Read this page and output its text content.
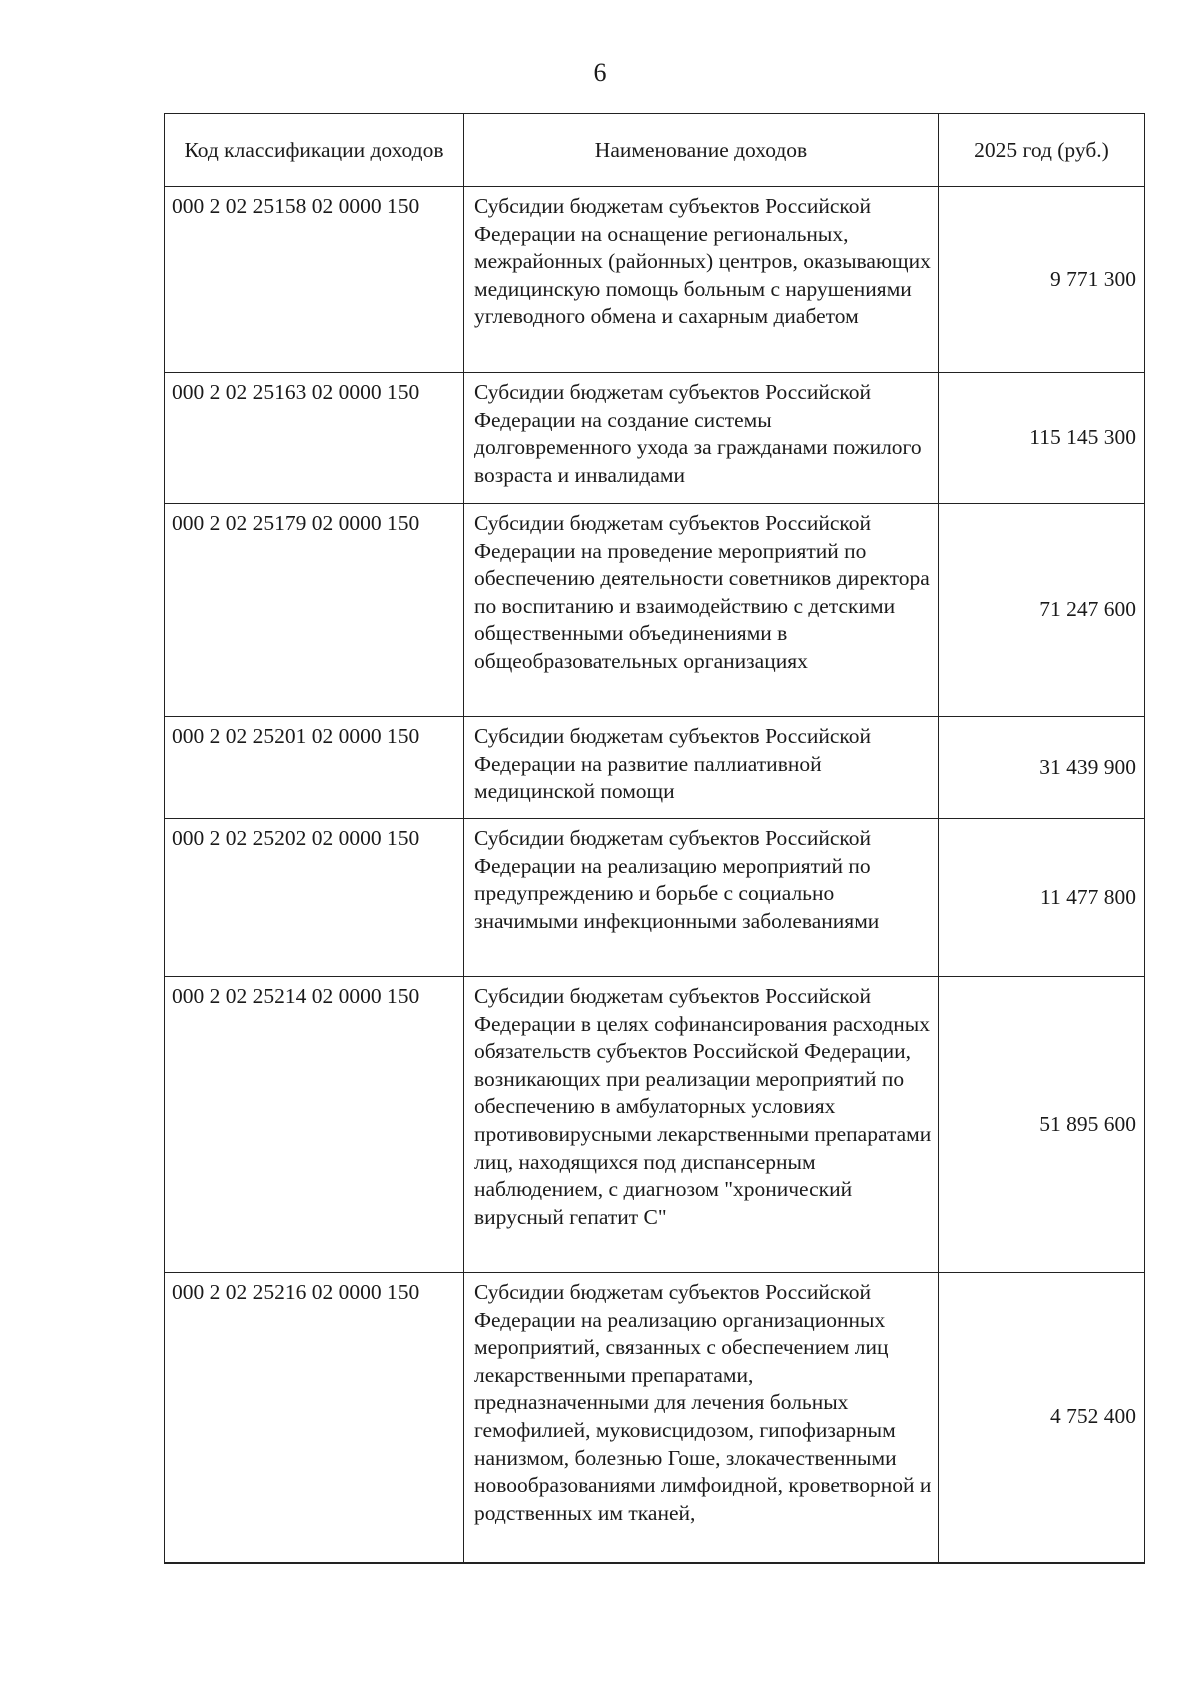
6
Код классификации доходов	Наименование доходов	2025 год (руб.)
000 2 02 25158 02 0000 150	Субсидии бюджетам субъектов Российской Федерации на оснащение региональных, межрайонных (районных) центров, оказывающих медицинскую помощь больным с нарушениями углеводного обмена и сахарным диабетом	9 771 300
000 2 02 25163 02 0000 150	Субсидии бюджетам субъектов Российской Федерации на создание системы долговременного ухода за гражданами пожилого возраста и инвалидами	115 145 300
000 2 02 25179 02 0000 150	Субсидии бюджетам субъектов Российской Федерации на проведение мероприятий по обеспечению деятельности советников директора по воспитанию и взаимодействию с детскими общественными объединениями в общеобразовательных организациях	71 247 600
000 2 02 25201 02 0000 150	Субсидии бюджетам субъектов Российской Федерации на развитие паллиативной медицинской помощи	31 439 900
000 2 02 25202 02 0000 150	Субсидии бюджетам субъектов Российской Федерации на реализацию мероприятий по предупреждению и борьбе с социально значимыми инфекционными заболеваниями	11 477 800
000 2 02 25214 02 0000 150	Субсидии бюджетам субъектов Российской Федерации в целях софинансирования расходных обязательств субъектов Российской Федерации, возникающих при реализации мероприятий по обеспечению в амбулаторных условиях противовирусными лекарственными препаратами лиц, находящихся под диспансерным наблюдением, с диагнозом "хронический вирусный гепатит С"	51 895 600
000 2 02 25216 02 0000 150	Субсидии бюджетам субъектов Российской Федерации на реализацию организационных мероприятий, связанных с обеспечением лиц лекарственными препаратами, предназначенными для лечения больных гемофилией, муковисцидозом, гипофизарным нанизмом, болезнью Гоше, злокачественными новообразованиями лимфоидной, кроветворной и родственных им тканей,	4 752 400
